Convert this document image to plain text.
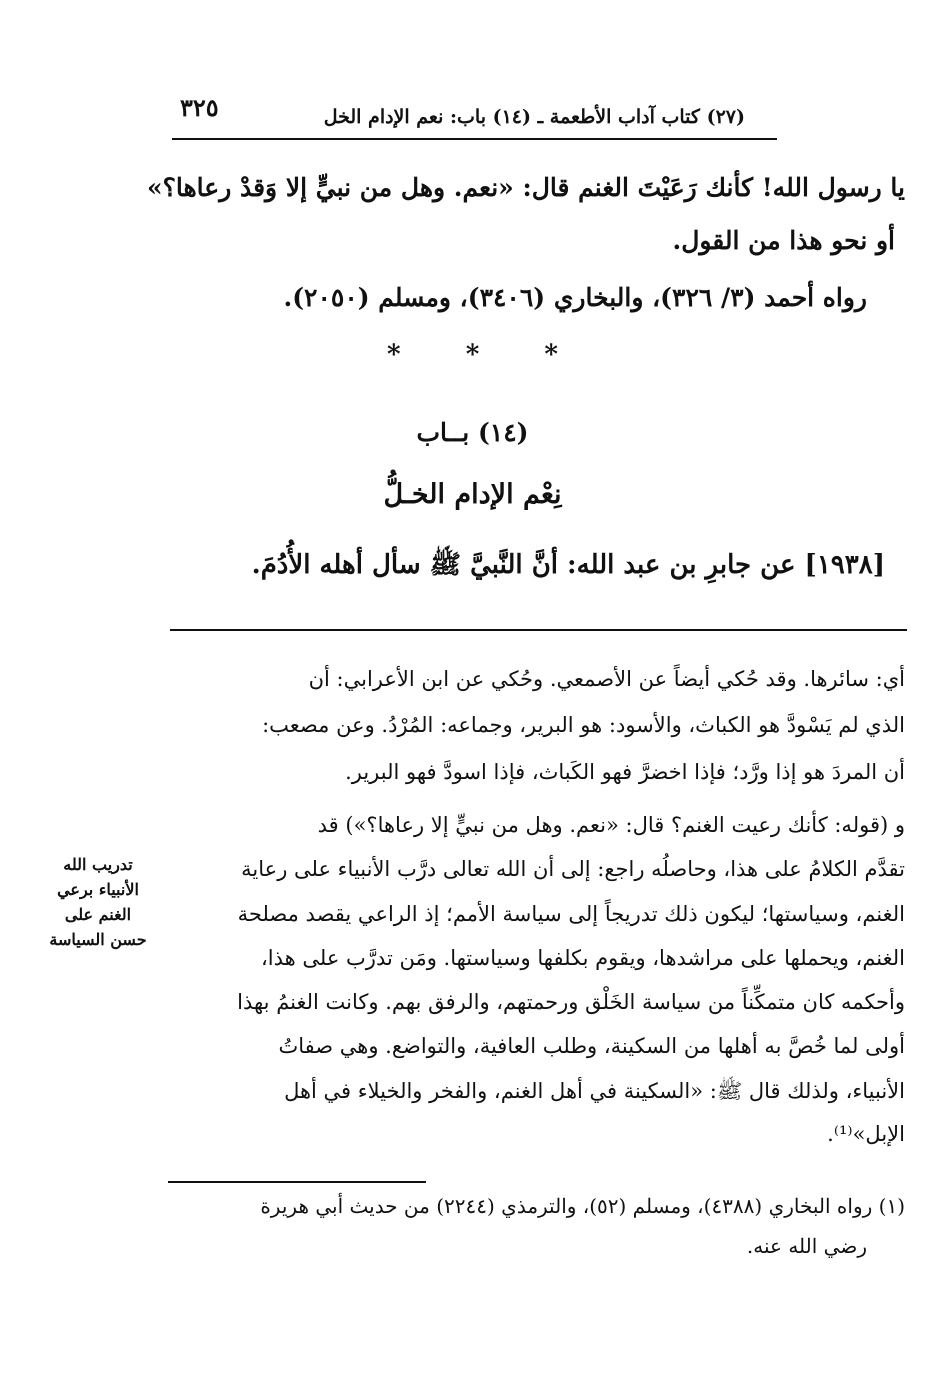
٣٢٥	(٢٧) كتاب آداب الأطعمة ـ (١٤) باب: نعم الإدام الخل
يا رسول الله! كأنك رَعَيْتَ الغنم قال: «نعم. وهل من نبيٍّ إلا وَقدْ رعاها؟»
أو نحو هذا من القول.
رواه أحمد (٣/ ٣٢٦)، والبخاري (٣٤٠٦)، ومسلم (٢٠٥٠).
*	*	*
(١٤) بــاب
نِعْم الإدام الخـلُّ
[١٩٣٨] عن جابرِ بن عبد الله: أنَّ النَّبيَّ ﷺ سأل أهله الأُدُمَ.
أي: سائرها. وقد حُكي أيضاً عن الأصمعي. وحُكي عن ابن الأعرابي: أن
الذي لم يَسْودَّ هو الكباث، والأسود: هو البرير، وجماعه: المُرْدُ. وعن مصعب:
أن المردَ هو إذا ورَّد؛ فإذا اخضرَّ فهو الكَباث، فإذا اسودَّ فهو البرير.
و (قوله: كأنك رعيت الغنم؟ قال: «نعم. وهل من نبيٍّ إلا رعاها؟») قد
تقدَّم الكلامُ على هذا، وحاصلُه راجع: إلى أن الله تعالى درَّب الأنبياء على رعاية
الغنم، وسياستها؛ ليكون ذلك تدريجاً إلى سياسة الأمم؛ إذ الراعي يقصد مصلحة
الغنم، ويحملها على مراشدها، ويقوم بكلفها وسياستها. ومَن تدرَّب على هذا،
وأحكمه كان متمكِّناً من سياسة الخَلْق ورحمتهم، والرفق بهم. وكانت الغنمُ بهذا
أولى لما خُصَّ به أهلها من السكينة، وطلب العافية، والتواضع. وهي صفاتُ
الأنبياء، ولذلك قال ﷺ: «السكينة في أهل الغنم، والفخر والخيلاء في أهل
الإبل»⁽¹⁾.
تدريب الله
الأنبياء برعي
الغنم على
حسن السياسة
(١) رواه البخاري (٤٣٨٨)، ومسلم (٥٢)، والترمذي (٢٢٤٤) من حديث أبي هريرة
رضي الله عنه.
